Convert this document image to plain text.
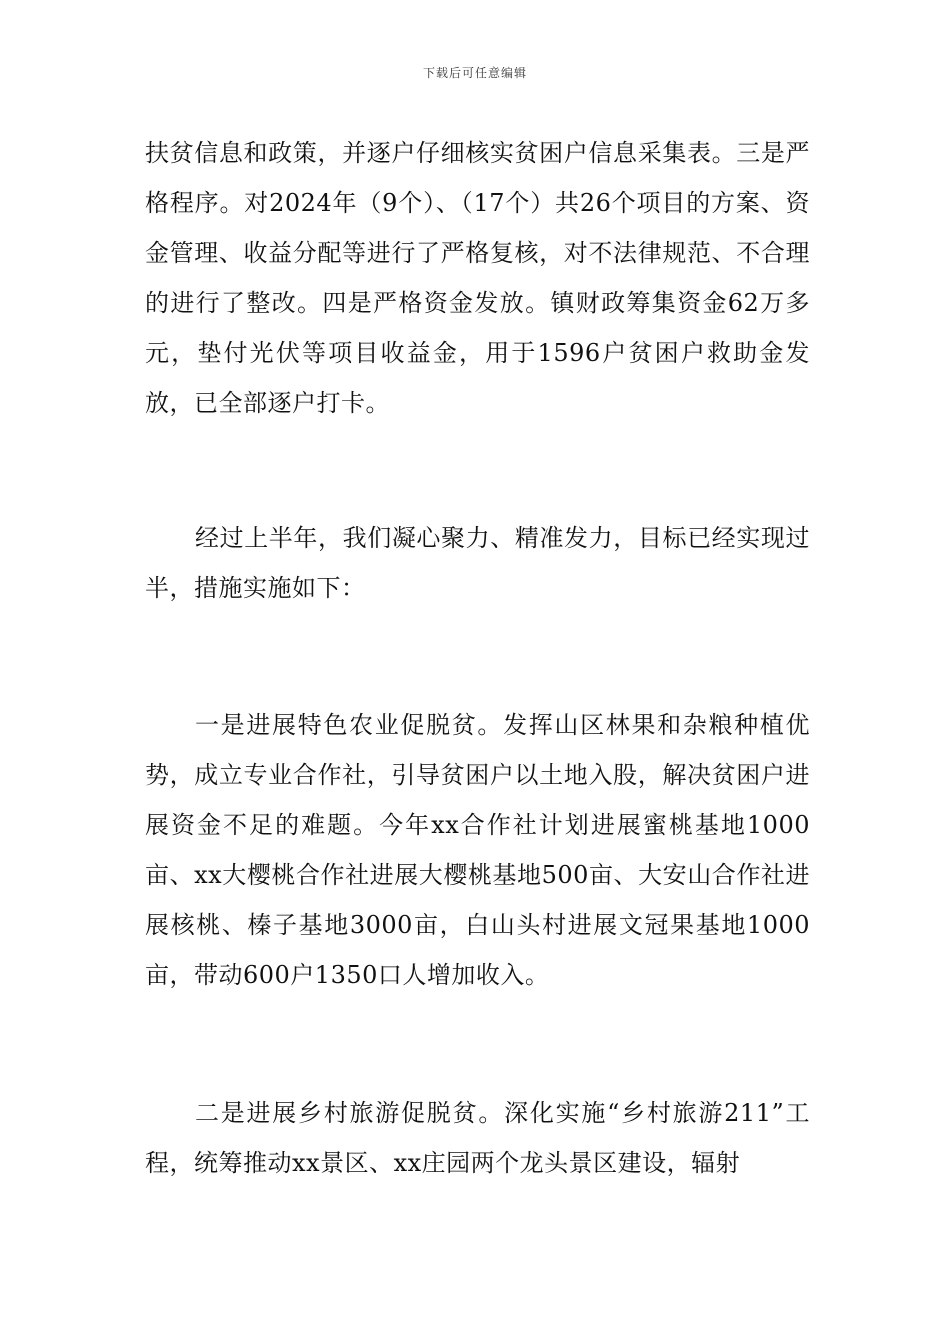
下载后可任意编辑

扶贫信息和政策，并逐户仔细核实贫困户信息采集表。三是严格程序。对2024年（9个）、（17个）共26个项目的方案、资金管理、收益分配等进行了严格复核，对不法律规范、不合理的进行了整改。四是严格资金发放。镇财政筹集资金62万多元，垫付光伏等项目收益金，用于1596户贫困户救助金发放，已全部逐户打卡。

经过上半年，我们凝心聚力、精准发力，目标已经实现过半，措施实施如下：

一是进展特色农业促脱贫。发挥山区林果和杂粮种植优势，成立专业合作社，引导贫困户以土地入股，解决贫困户进展资金不足的难题。今年xx合作社计划进展蜜桃基地1000亩、xx大樱桃合作社进展大樱桃基地500亩、大安山合作社进展核桃、榛子基地3000亩，白山头村进展文冠果基地1000亩，带动600户1350口人增加收入。

二是进展乡村旅游促脱贫。深化实施“乡村旅游211”工程，统筹推动xx景区、xx庄园两个龙头景区建设，辐射
